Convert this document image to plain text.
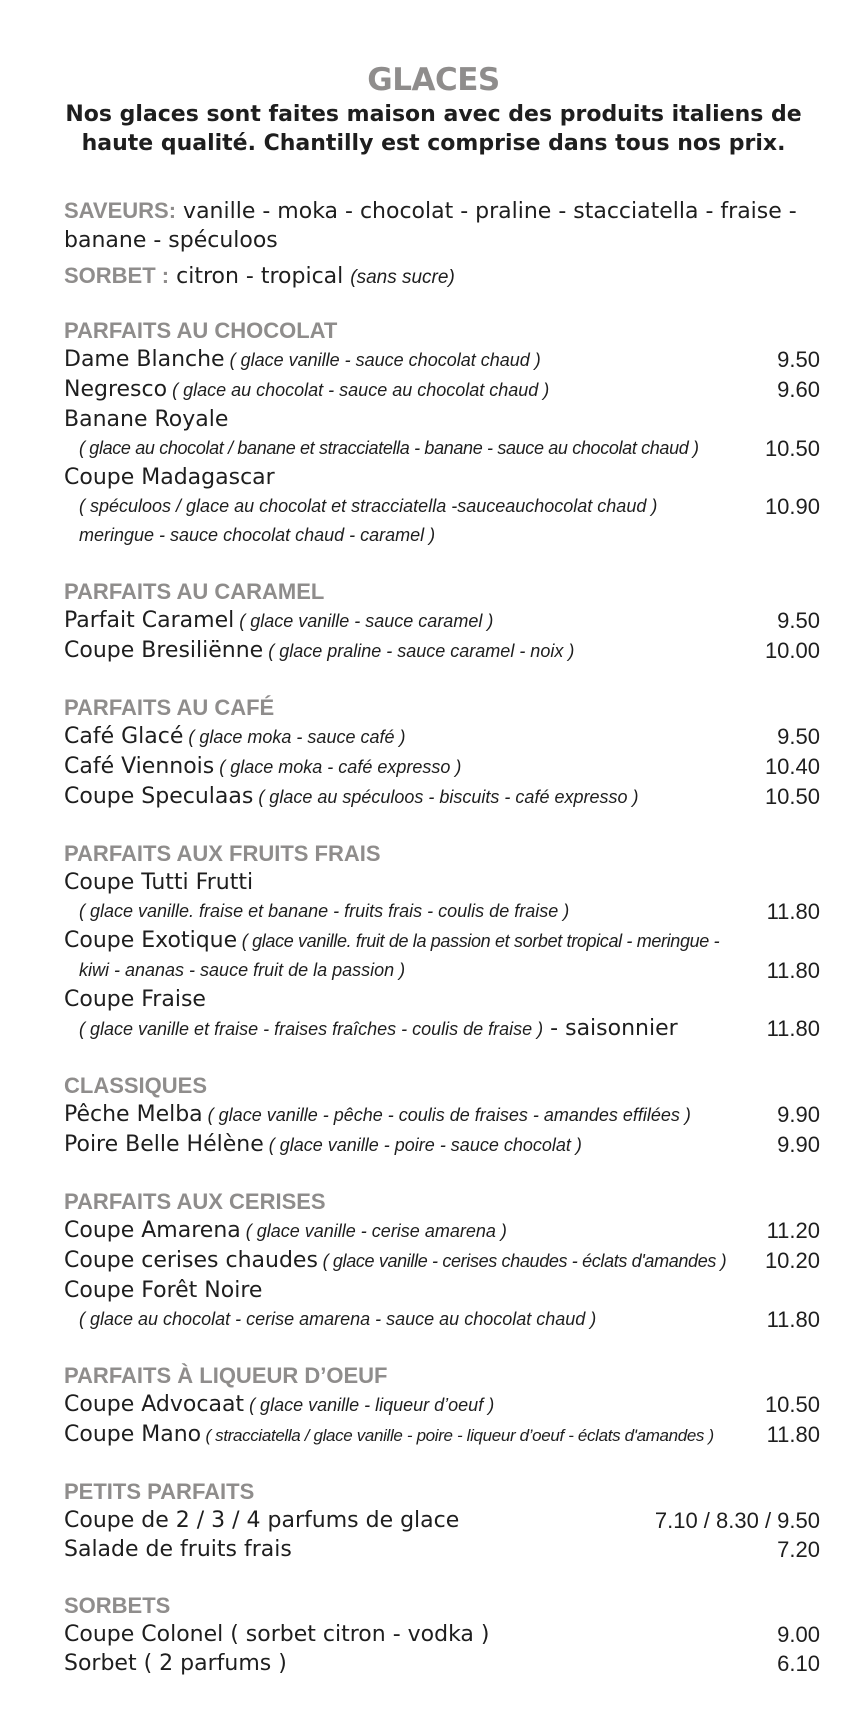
GLACES
Nos glaces sont faites maison avec des produits italiens de
haute qualité. Chantilly est comprise dans tous nos prix.
SAVEURS: vanille - moka - chocolat - praline - stacciatella - fraise -
banane - spéculoos
SORBET : citron - tropical (sans sucre)
PARFAITS AU CHOCOLAT
Dame Blanche ( glace vanille - sauce chocolat chaud )	9.50
Negresco ( glace au chocolat - sauce au chocolat chaud )	9.60
Banane Royale
( glace au chocolat / banane et stracciatella - banane - sauce au chocolat chaud )	10.50
Coupe Madagascar
( spéculoos / glace au chocolat et stracciatella -sauceauchocolat chaud )	10.90
meringue - sauce chocolat chaud - caramel )
PARFAITS AU CARAMEL
Parfait Caramel ( glace vanille - sauce caramel )	9.50
Coupe Bresiliënne ( glace praline - sauce caramel - noix )	10.00
PARFAITS AU CAFÉ
Café Glacé ( glace moka - sauce café )	9.50
Café Viennois ( glace moka - café expresso )	10.40
Coupe Speculaas ( glace au spéculoos - biscuits - café expresso )	10.50
PARFAITS AUX FRUITS FRAIS
Coupe Tutti Frutti
( glace vanille. fraise et banane - fruits frais - coulis de fraise )	11.80
Coupe Exotique ( glace vanille. fruit de la passion et sorbet tropical - meringue -
kiwi - ananas - sauce fruit de la passion )	11.80
Coupe Fraise
( glace vanille et fraise - fraises fraîches - coulis de fraise ) - saisonnier	11.80
CLASSIQUES
Pêche Melba ( glace vanille - pêche - coulis de fraises - amandes effilées )	9.90
Poire Belle Hélène ( glace vanille - poire - sauce chocolat )	9.90
PARFAITS AUX CERISES
Coupe Amarena ( glace vanille - cerise amarena )	11.20
Coupe cerises chaudes ( glace vanille - cerises chaudes - éclats d'amandes )	10.20
Coupe Forêt Noire
( glace au chocolat - cerise amarena - sauce au chocolat chaud )	11.80
PARFAITS À LIQUEUR D’OEUF
Coupe Advocaat ( glace vanille - liqueur d’oeuf )	10.50
Coupe Mano ( stracciatella / glace vanille - poire - liqueur d’oeuf - éclats d'amandes )	11.80
PETITS PARFAITS
Coupe de 2 / 3 / 4 parfums de glace	7.10 / 8.30 / 9.50
Salade de fruits frais	7.20
SORBETS
Coupe Colonel ( sorbet citron - vodka )	9.00
Sorbet ( 2 parfums )	6.10
